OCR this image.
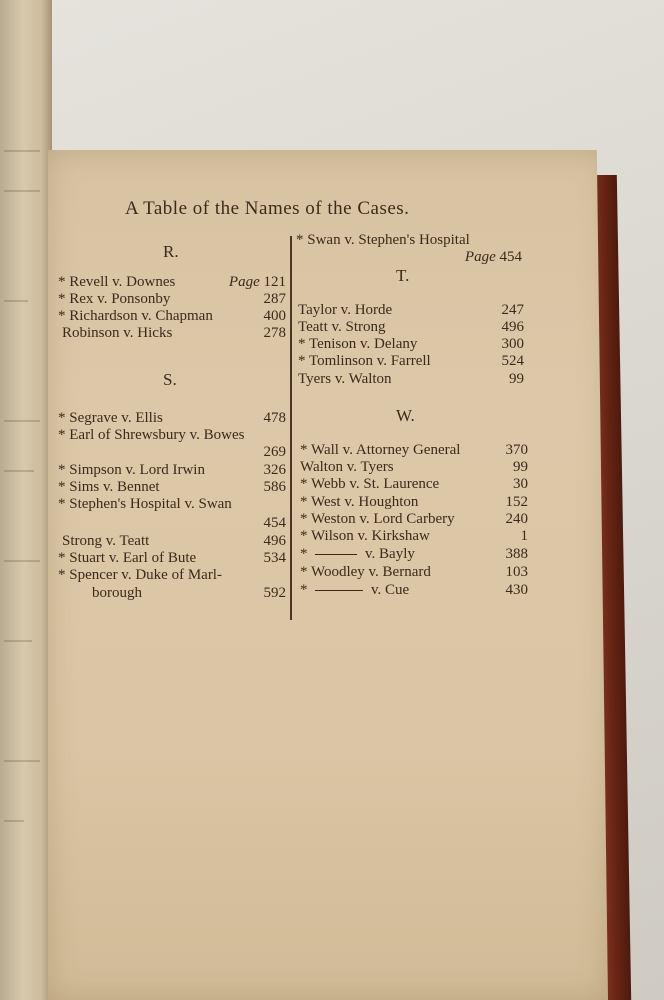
A Table of the Names of the Cases.
R.
* Revell v. Downes	Page 121
* Rex v. Ponsonby	287
* Richardson v. Chapman	400
Robinson v. Hicks	278
S.
* Segrave v. Ellis	478
* Earl of Shrewsbury v. Bowes
269
* Simpson v. Lord Irwin	326
* Sims v. Bennet	586
* Stephen's Hospital v. Swan
454
Strong v. Teatt	496
* Stuart v. Earl of Bute	534
* Spencer v. Duke of Marl-
borough	592
* Swan v. Stephen's Hospital
Page 454
T.
Taylor v. Horde	247
Teatt v. Strong	496
* Tenison v. Delany	300
* Tomlinson v. Farrell	524
Tyers v. Walton	99
W.
* Wall v. Attorney General	370
Walton v. Tyers	99
* Webb v. St. Laurence	30
* West v. Houghton	152
* Weston v. Lord Carbery	240
* Wilson v. Kirkshaw	1
*	v. Bayly	388
* Woodley v. Bernard	103
*	v. Cue	430
